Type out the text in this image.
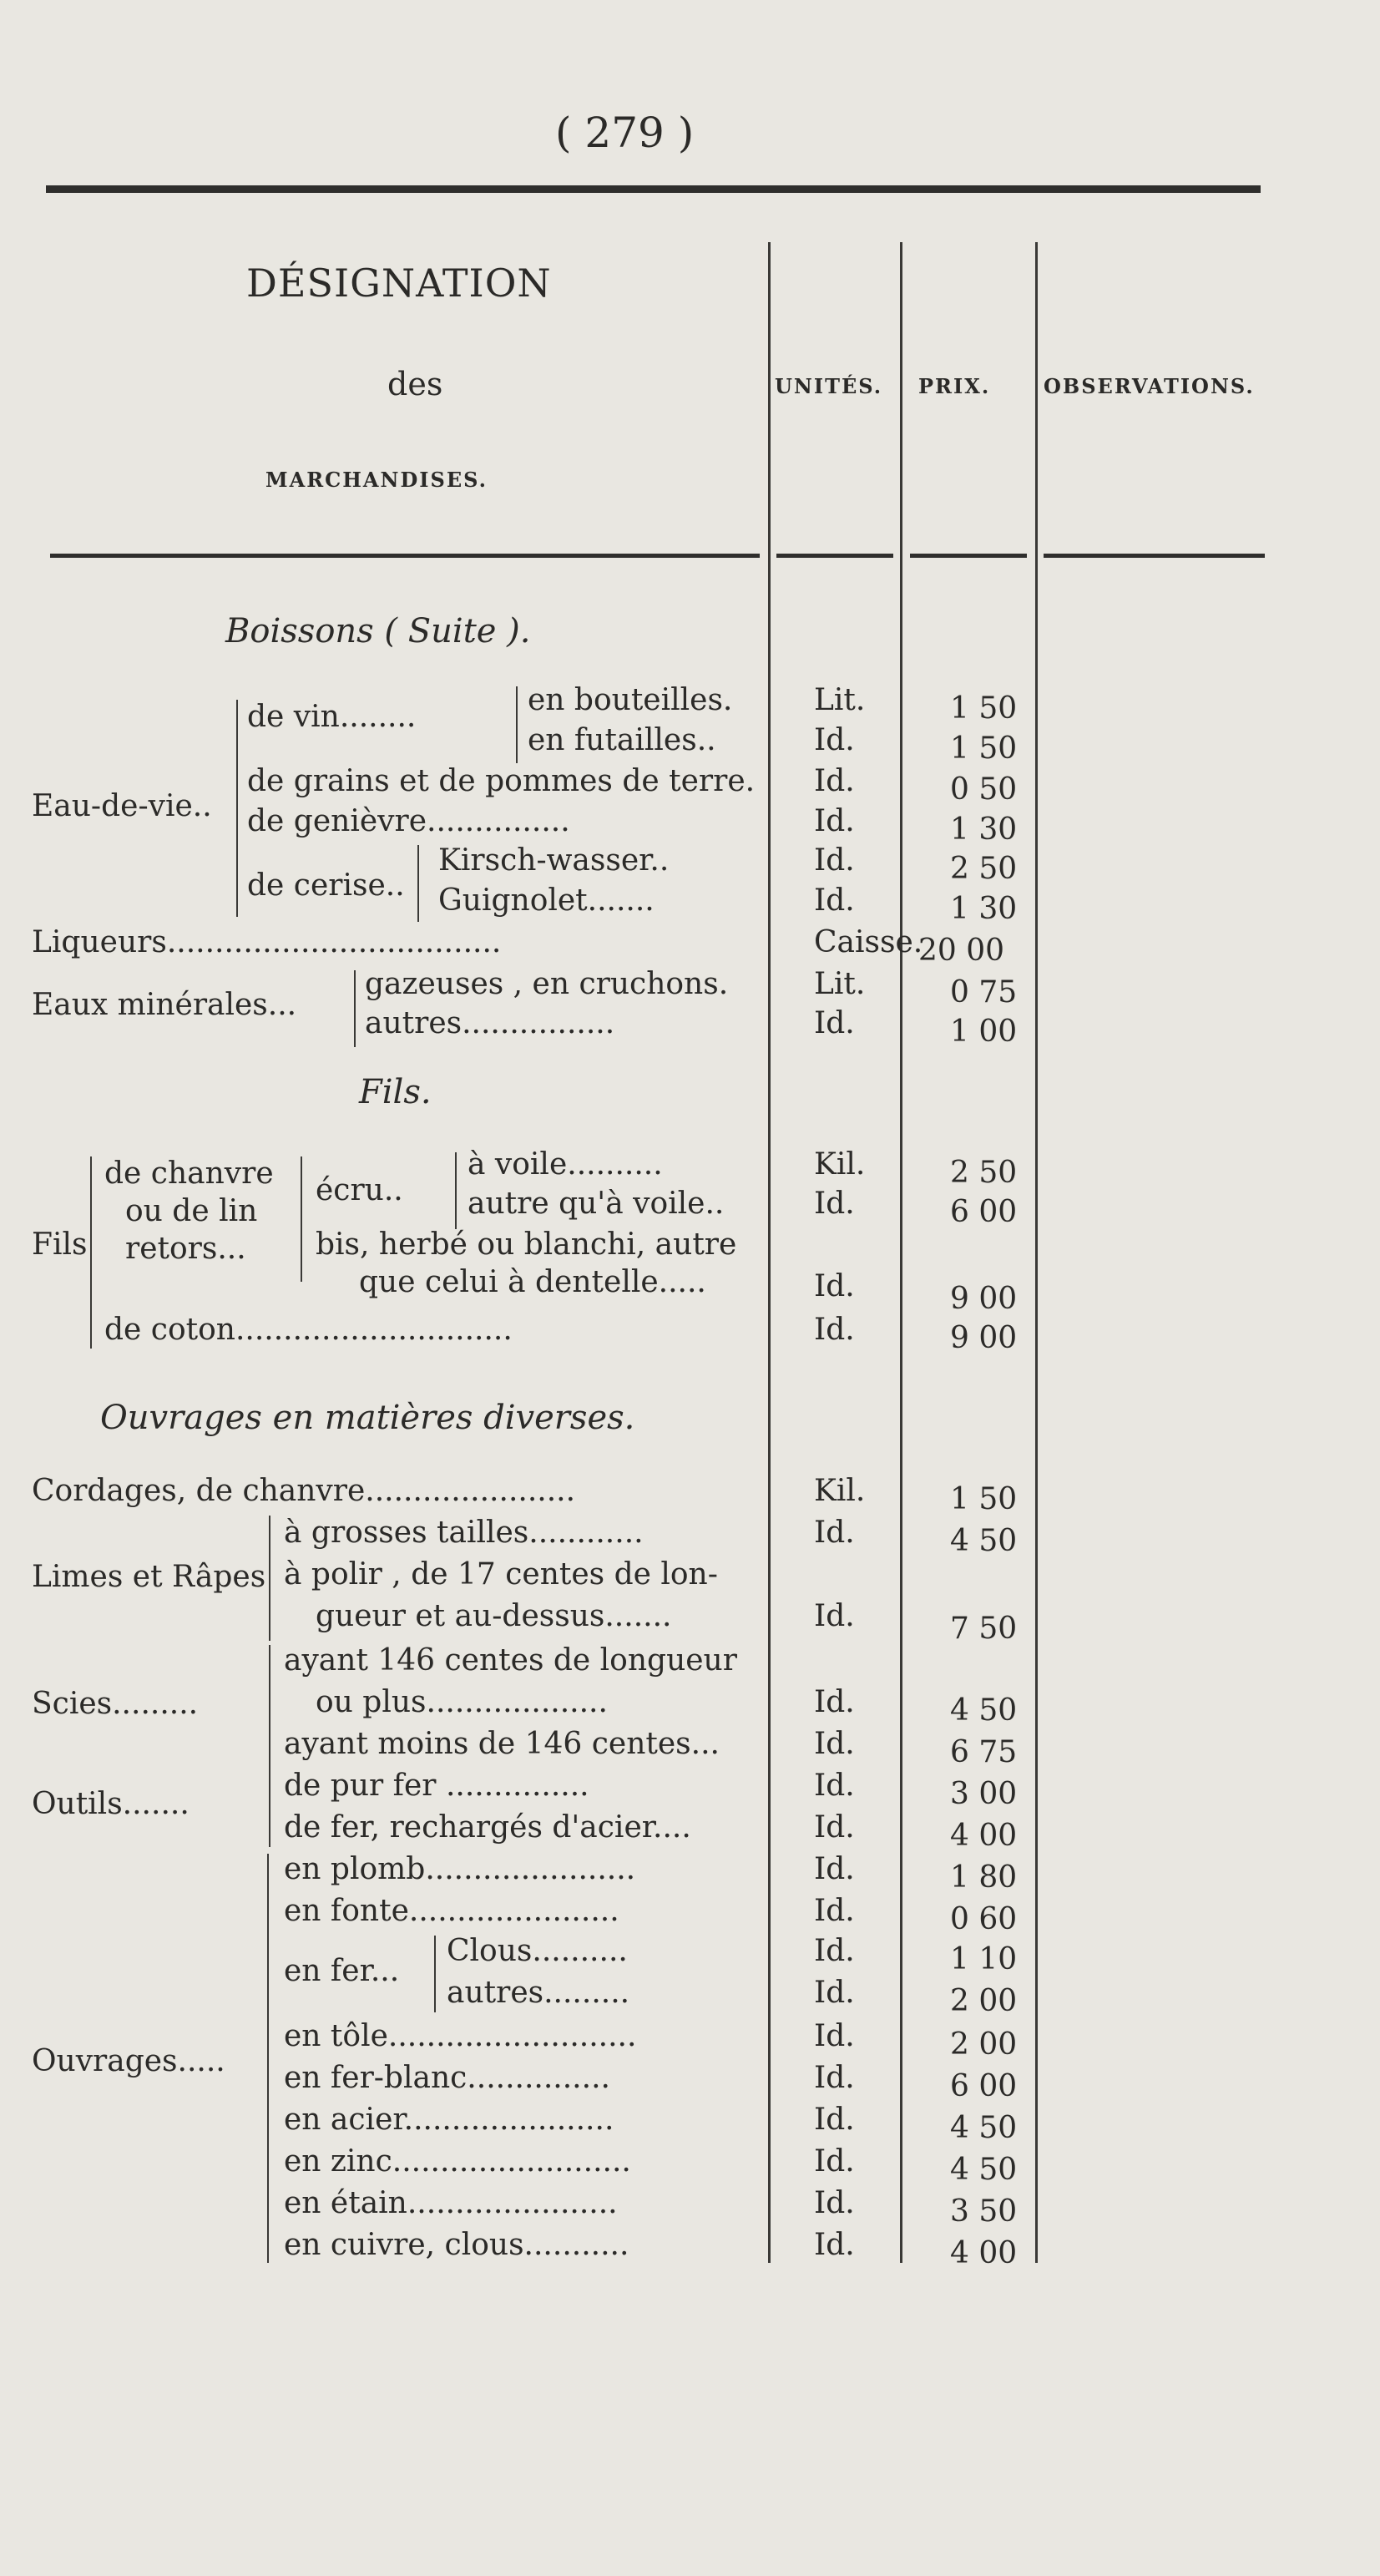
( 279 )
DÉSIGNATION
des
MARCHANDISES.
UNITÉS. PRIX.	OBSERVATIONS.
Boissons ( Suite ).
Eau-de-vie..
de vin........	en bouteilles.
en futailles..
de grains et de pommes de terre.
de genièvre...............
de cerise..
Kirsch-wasser..
Guignolet.......
Liqueurs...................................
Eaux minérales...
gazeuses , en cruchons.
autres................
Fils.
Fils
de chanvre
ou de lin
retors...
écru..
à voile..........
autre qu'à voile..
bis, herbé ou blanchi, autre
que celui à dentelle.....
de coton.............................
Ouvrages en matières diverses.
Cordages, de chanvre......................
Limes et Râpes
à grosses tailles............
à polir , de 17 centes de lon-
gueur et au-dessus.......
Scies.........
ayant 146 centes de longueur
ou plus...................
ayant moins de 146 centes...
Outils.......
de pur fer ...............
de fer, rechargés d'acier....
Ouvrages.....
en plomb......................
en fonte......................
en fer...
Clous..........
autres.........
en tôle..........................
en fer-blanc...............
en acier......................
en zinc.........................
en étain......................
en cuivre, clous...........
Lit.
Id.
Id.
Id.
Id.
Id.
Caisse.
Lit.
Id.
Kil.
Id.
Id.
Id.
Kil.
Id.
Id.
Id.
Id.
Id.
Id.
Id.
Id.
Id.
Id.
Id.
Id.
Id.
Id.
Id.
Id.
1 50
1 50
0 50
1 30
2 50
1 30
20 00
0 75
1 00
2 50
6 00
9 00
9 00
1 50
4 50
7 50
4 50
6 75
3 00
4 00
1 80
0 60
1 10
2 00
2 00
6 00
4 50
4 50
3 50
4 00
